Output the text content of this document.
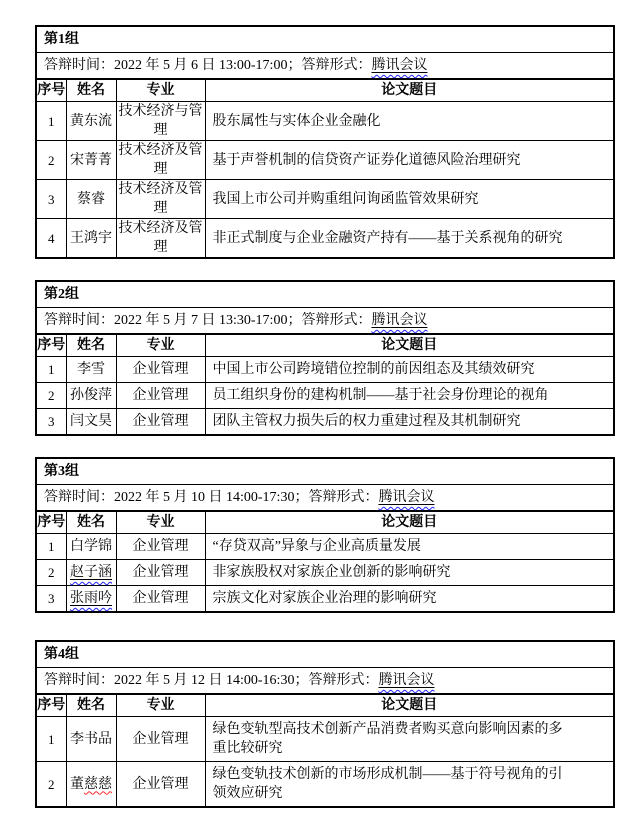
第1组			
答辩时间：2022 年 5 月 6 日 13:00-17:00；答辩形式：腾讯会议			
序号	姓名	专业	论文题目
1	黄东流	技术经济与管理	股东属性与实体企业金融化

2	宋菁菁	技术经济及管理	基于声誉机制的信贷资产证券化道德风险治理研究

3	蔡睿	技术经济及管理	我国上市公司并购重组问询函监管效果研究

4	王鸿宇	技术经济及管理	非正式制度与企业金融资产持有——基于关系视角的研究
第2组			
答辩时间：2022 年 5 月 7 日 13:30-17:00；答辩形式：腾讯会议			
序号	姓名	专业	论文题目
1	李雪	企业管理	中国上市公司跨境错位控制的前因组态及其绩效研究

2	孙俊萍	企业管理	员工组织身份的建构机制——基于社会身份理论的视角

3	闫文昊	企业管理	团队主管权力损失后的权力重建过程及其机制研究
第3组			
答辩时间：2022 年 5 月 10 日 14:00-17:30；答辩形式：腾讯会议			
序号	姓名	专业	论文题目
1	白学锦	企业管理	“存贷双高”异象与企业高质量发展

2	赵子涵	企业管理	非家族股权对家族企业创新的影响研究

3	张雨吟	企业管理	宗族文化对家族企业治理的影响研究
第4组			
答辩时间：2022 年 5 月 12 日 14:00-16:30；答辩形式：腾讯会议			
序号	姓名	专业	论文题目
1	李书品	企业管理	绿色变轨型高技术创新产品消费者购买意向影响因素的多重比较研究

2	董慈慈	企业管理	绿色变轨技术创新的市场形成机制——基于符号视角的引领效应研究
